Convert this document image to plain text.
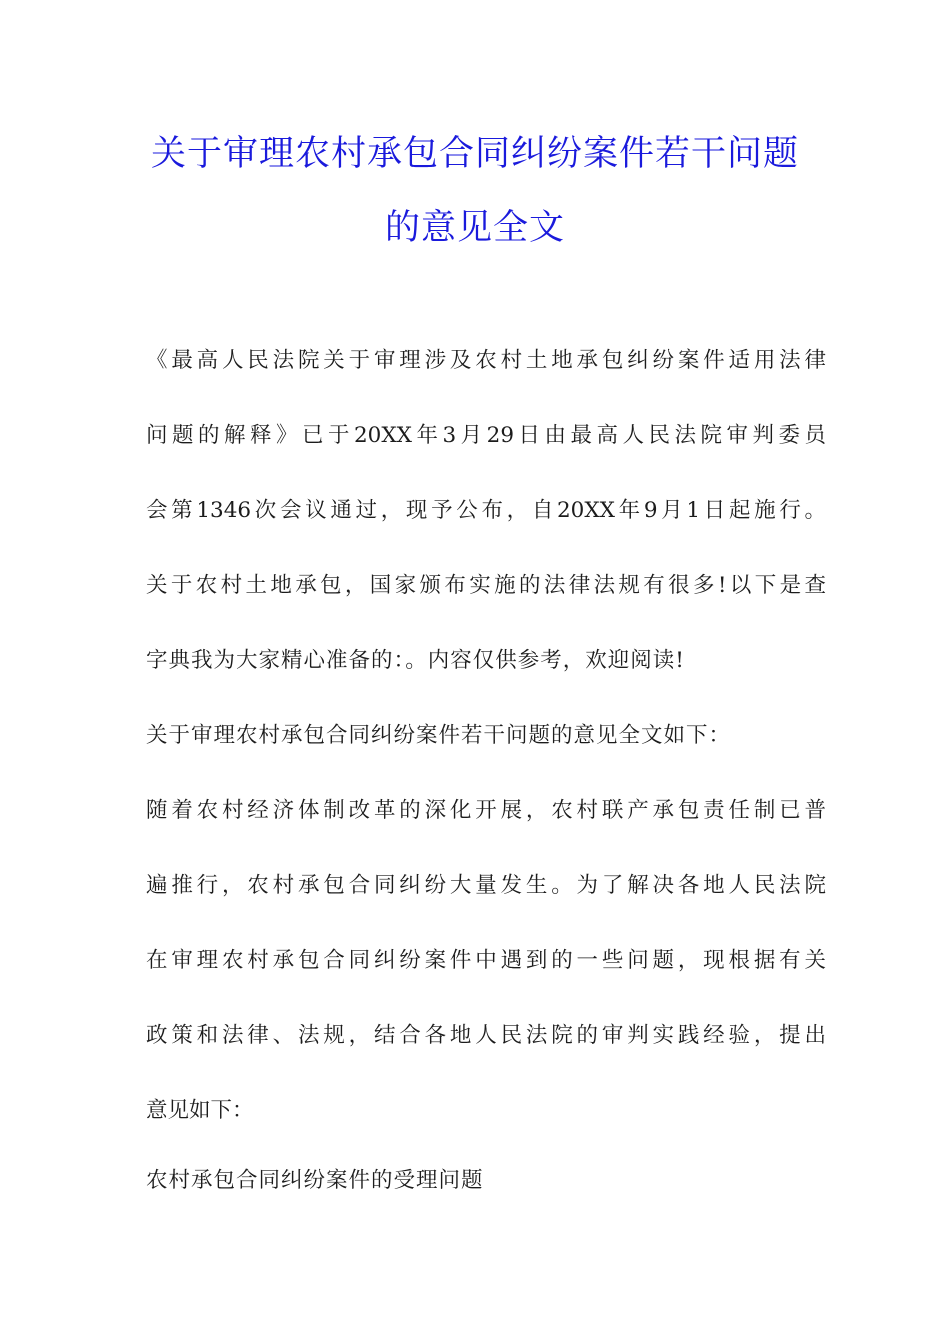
关于审理农村承包合同纠纷案件若干问题
的意见全文
《最高人民法院关于审理涉及农村土地承包纠纷案件适用法律
问题的解释》已于20XX年3月29日由最高人民法院审判委员
会第1346次会议通过，现予公布，自20XX年9月1日起施行。
关于农村土地承包，国家颁布实施的法律法规有很多!以下是查
字典我为大家精心准备的：。内容仅供参考，欢迎阅读!
关于审理农村承包合同纠纷案件若干问题的意见全文如下：
随着农村经济体制改革的深化开展，农村联产承包责任制已普
遍推行，农村承包合同纠纷大量发生。为了解决各地人民法院
在审理农村承包合同纠纷案件中遇到的一些问题，现根据有关
政策和法律、法规，结合各地人民法院的审判实践经验，提出
意见如下：
农村承包合同纠纷案件的受理问题
